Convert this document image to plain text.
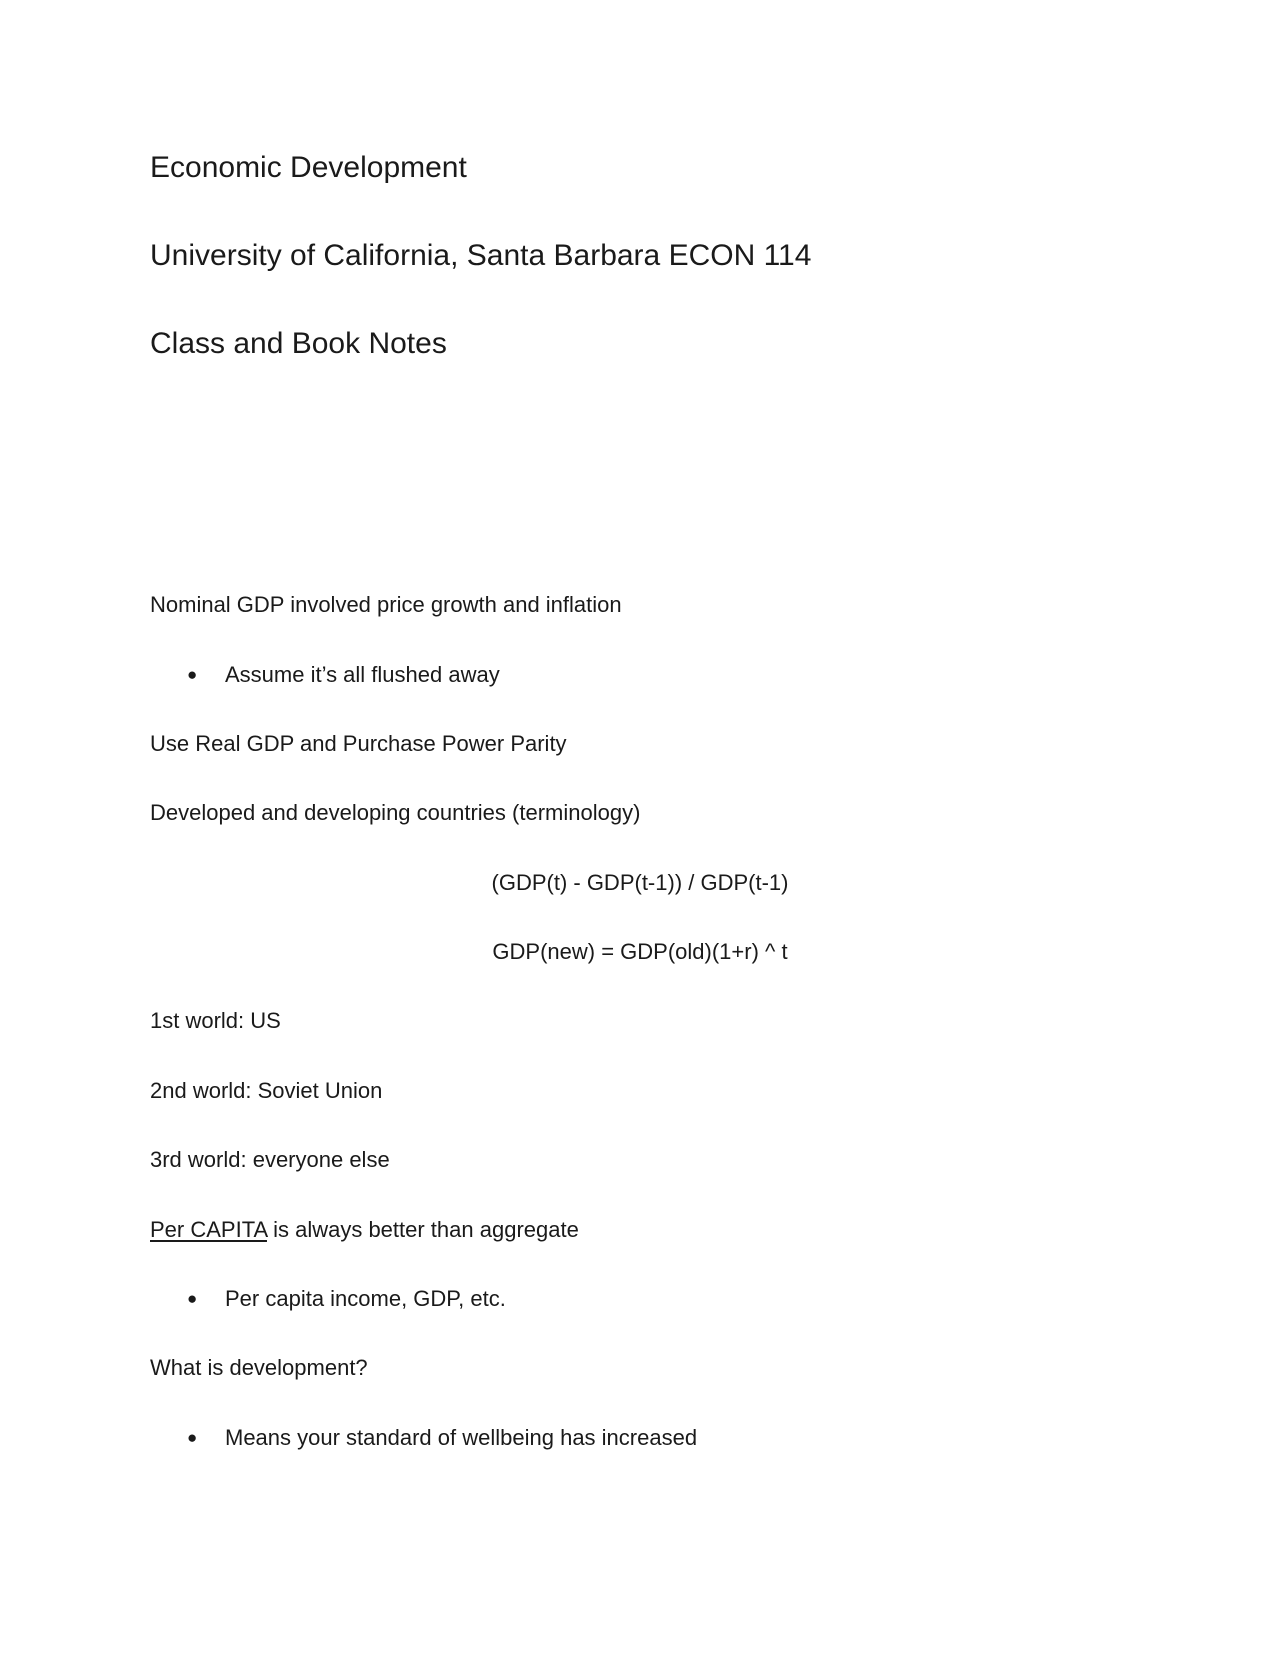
Economic Development
University of California, Santa Barbara ECON 114
Class and Book Notes
Nominal GDP involved price growth and inflation
● Assume it’s all flushed away
Use Real GDP and Purchase Power Parity
Developed and developing countries (terminology)
(GDP(t) - GDP(t-1)) / GDP(t-1)
GDP(new) = GDP(old)(1+r) ^ t
1st world: US
2nd world: Soviet Union
3rd world: everyone else
Per CAPITA is always better than aggregate
● Per capita income, GDP, etc.
What is development?
● Means your standard of wellbeing has increased
